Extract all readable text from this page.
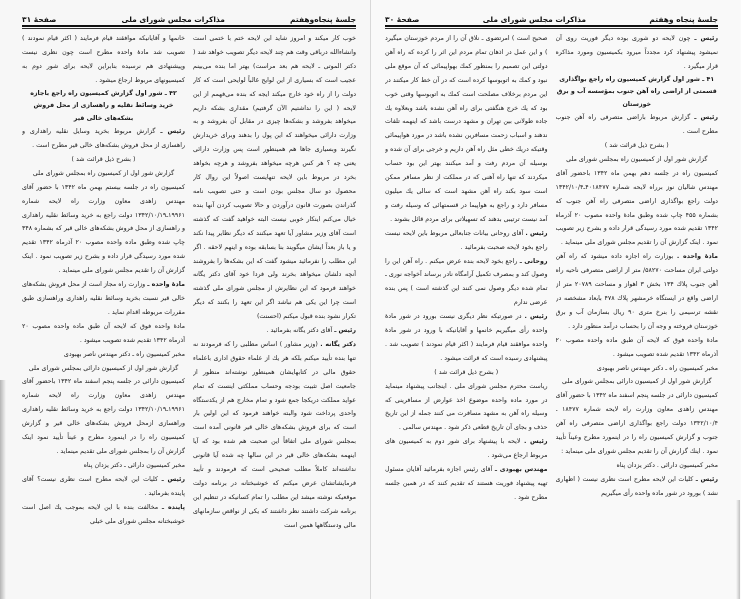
جلسهٔ پنجاه‌وهفتم
مذاکرات مجلس شورای ملی
صفحهٔ ۳۱

خانمها و آقایانیکه موافقند قیام فرمایند ( اکثر قیام نمودند ) تصویب شد مادهٔ واحده مطرح است چون نظری نیست وپیشنهادی هم نرسیده بنابراین لایحه برای شور دوم به کمیسیونهای مربوط ارجاع میشود .

۴۲ ـ شور اول گزارش کمیسیون راه راجع باجازه خرید وسائط نقلیه و راهسازی از محل فروش بشکه‌های خالی قیر

رئیس ـ گزارش مربوط بخرید وسایل نقلیه راهداری و راهسازی از محل فروش بشکه‌های خالی قیر مطرح است .

( بشرح ذیل قرائت شد )

گزارش شور اول از کمیسیون راه بمجلس شورای ملی

کمیسیون راه در جلسه بیستم بهمن ماه ۱۳۴۲ با حضور آقای مهندس زاهدی معاون وزارت راه لایحه شماره ۱۹۹۶۱ـ۱۳۴۲/۱۰/۱۹ دولت راجع به خرید وسائط نقلیه راهداری و راهسازی از محل فروش بشکه‌های خالی قیر که بشماره ۳۴۸ چاپ شده وطبق ماده واحده مصوب ۲۰ آذرماه ۱۳۴۲ تقدیم شده مورد رسیدگی قرار داده و بشرح زیر تصویب نمود . اینک گزارش آن را تقدیم مجلس شورای ملی مینماید .

مادهٔ واحده ـ وزارت راه مجاز است از محل فروش بشکه‌های خالی قیر نسبت بخرید وسائط نقلیه راهداری وراهسازی طبق مقررات مربوطه اقدام نماید .

مادهٔ واحده فوق که لایحه آن طبق ماده واحده مصوب ۲۰ آذرماه ۱۳۴۲ تقدیم شده تصویب میشود .

مخبر کمیسیون راه ـ دکتر مهندس ناصر بهبودی

گزارش شور اول از کمیسیون دارائی بمجلس شورای ملی

کمیسیون دارائی در جلسه پنجم اسفند ماه ۱۳۴۲ باحضور آقای مهندس زاهدی معاون وزارت راه لایحه شماره ۱۹۹۶۱ـ۱۳۴۲/۱۰/۱۹ دولت راجع به خرید وسائط نقلیه راهداری وراهسازی ازمحل فروش بشکه‌های خالی قیر و گزارش کمیسیون راه را در اینمورد مطرح و عیناً تأیید نمود اینک گزارش آن را بمجلس شورای ملی تقدیم مینماید .

مخبر کمیسیون دارائی ـ دکتر یزدان پناه

رئیس ـ کلیات این لایحه مطرح است نظری نیست؟ آقای پاینده بفرمائید .

پاینده ـ مخالفت بنده با این لایحه بموجب یك اصل است خوشبختانه مجلس شورای ملی خیلی

خوب کار میکند و امروز شاید این لایحه ختم با ختمی است وانشاءالله درباقی وقت هم چند لایحه دیگر تصویب خواهد شد ( دکتر الموتی ـ لایحه هم بعد مراست) بهتر اما بنده می‌بینم عجیب است که بسیاری از این لوایح غالباً لوایحی است که کار دولت را از راه خود خارج میکند ایجه که بنده می‌فهمم از این لایحه ( این را نداشتیم الآن گرفتیم) مقداری بشکه داریم میخواهد بفروشد و بشکه‌ها چیزی در مقابل آن بفروشد و به وزارت دارائی میخواهند که این پول را بدهند وبرای خریدارش نگیرند وبسیاری جاها هم همینطور است پس وزارت دارائی یعنی چه ؟ هر کس هرچه میخواهد بفروشد و هرچه بخواهد بخرد در مربوط باین لایحه تنهایست اصولاً این روال کار محصول دو سال مجلس بودن است و حتی تصویب نامه گذراندن بصورت قانون درآوردن و حالا تصویب کردن آنها بنده خیال می‌کنم اینکار خوبی نیست البته خواهید گفت که گذشته است آقای وزیر مشاور آیا تعهد میکنند که دیگر نظایر پیدا نکند و یا باز بعداً ایشان میگویند بنا بسابقه بوده و اینهم لاحقه . اگر این مطلب را نفرمائید میشود گفت که این بشکه‌ها را بفروشند آنچه دلشان میخواهد بخرند ولی فردا خود آقای دکتر یگانه خواهند فرمود که این نظایرش از مجلس شورای ملی گذشته است چرا این یکی هم نباشد اگر این تعهد را بکنند که دیگر تکرار نشود بنده قبول میکنم (احسنت)

رئیس ـ آقای دکتر یگانه بفرمائید .

دکتر یگانه . (وزیر مشاور ) اساس مطلبی را که فرمودند نه تنها بنده تأیید میکنم بلکه هر یك از علماء حقوق اداری باعلماء حقوق مالی در کتابهایشان همینطور نوشته‌اند منظور از جامعیت اصل تثبیت بودجه وحساب مملکتی اینست که تمام عواید مملکت دریکجا جمع شود و تمام مخارج هم از یکدستگاه واحدی پرداخت شود والبته خواهند فرمود که این اولین بار است که برای فروش بشکه‌های خالی قیر قانونی آمده است بمجلس شورای ملی اتفاقاً این صحبت هم شده بود که آیا اینهمه بشکه‌های خالی قیر در این سالها چه شده آیا قانونی نداشته‌اند کاملاً مطلب صحیحی است که فرمودند و تأیید فرمایشاتشان عرض میکنم که خوشبختانه در برنامه دولت موقعیکه نوشته میشد این مطلب را تمام کسانیکه در تنظیم این برنامه شرکت داشتند نظر داشتند که یکی از نواقص سازمانهای مالی ودستگاهها همین است

جلسهٔ پنجاه وهفتم
مذاکرات مجلس شورای ملی
صفحهٔ ۳۰

صحیح است ) امرتضوی ـ نلاق آن را از مردم خوزستان میگیرد ) و این عمل در اذهان تمام مردم این اثر را کرده که راه آهن دولتی این تصمیم را بمنظور کمك بهواپیمائی که آن موقع ملی نبود و کمك به اتوبوسها کرده است که در آن خط کار میکنند در این مردم برخلاف مصلحت است کمك به اتوبوسها وقتی خوب بود که یك خرج هنگفتی برای راه آهن نشده باشد وبعلاوه یك جاده طولانی بین تهران و مشهد درست باشد که اینهمه تلفات ندهند و اسباب زحمت مسافرین نشده باشد در مورد هواپیمائی وقتیکه دریك خطی مثل راه آهن داریم و خرجی برای آن شده و بوسیله آن مردم رفت و آمد میکنند بهتر این بود حساب میکردند که تنها راه آهنی که در مملکت از نظر مسافر ممکن است سود بکند راه آهن مشهد است که سالی یك میلیون مسافر دارد و راجع به هواپیما در قسمتهائی که وسیله رفت و آمد نیست ترتیبی بدهند که تسهیلاتی برای مردم قائل بشوند .

رئیس . آقای روحانی بیانات جنابعالی مربوط باین لایحه نیست راجع بخود لایحه صحبت بفرمائید .

روحانی ـ راجع بخود لایحه بنده عرض میکنم . راه آهن این را وصول کند و بمصرف تکمیل آرامگاه نادر برساند آخواجه نوری ـ تمام شده دیگر وصول نمی کنند این گذشته است ) پس بنده عرضی ندارم

رئیس . در صورتیکه نظر دیگری نیست بورود در شور مادهٔ واحده رأی میگیریم خانمها و آقایانیکه با ورود در شور مادهٔ واحده موافقند قیام فرمایند ( اکثر قیام نمودند ) تصویب شد . پیشنهادی رسیده است که قرائت میشود .

( بشرح ذیل قرائت شد )

ریاست محترم مجلس شورای ملی . اینجانب پیشنهاد مینماید در مورد ماده واحده موضوع اخذ عوارض از مسافرینی که وسیله راه آهن به مشهد مسافرت می کنند جمله از این تاریخ حذف و بجای آن تاریخ قطعی ذکر شود . مهندس سالمی .

رئیس . لایحه با پیشنهاد برای شور دوم به کمیسیون های مربوط ارجاع می‌شود .

مهندس بهبودی ـ آقای رئیس اجازه بفرمائید آقایان مسئول تهیه پیشنهاد فوریت هستند که تقدیم کنند که در همین جلسه مطرح شود .

رئیس ـ چون لایحه دو شوری بوده دیگر فوریت روی آن نمیشود پیشنهاد کرد مجدداً میرود بکمیسیون ومورد مذاکره قرار میگیرد .

۴۱ ـ شور اول گزارش کمیسیون راه راجع بواگذاری قسمتی از اراضی راه آهن جنوب بمؤسسه آب و برق خوزستان

رئیس ـ گزارش مربوط باراضی متصرفی راه آهن جنوب مطرح است .

( بشرح ذیل قرائت شد )

گزارش شور اول از کمیسیون راه بمجلس شورای ملی

کمیسیون راه در جلسه دهم بهمن ماه ۱۳۴۲ باحضور آقای مهندس شالیان نوز برراه لایحه شماره ۴۰۱۸۴۷۷ـ۱۳۴۲/۱۰/۴ دولت راجع بواگذاری اراضی متصرفی راه آهن جنوب که بشماره ۴۵۵ چاپ شده وطبق مادهٔ واحده مصوب ۲۰ آذرماه ۱۳۴۲ تقدیم شده مورد رسیدگی قرار داده و بشرح زیر تصویب نمود . اینک گزارش آن را تقدیم مجلس شورای ملی مینماید .

مادهٔ واحده . بوزارت راه اجازه داده میشود که راه آهن دولتی ایران مساحت ۵۸۲۷۰/ متر از اراضی متصرفی ناحیه راه آهن جنوب پلاك ۱۳۴ بخش ۳ اهواز و مساحت ۲۰۷۸۹ متر از اراضی واقع در ایستگاه خرمشهر پلاك ۴۷۸ بابعاد مشخصه در نقشه ترسیمی را بنرخ متری ۹۰ ریال بسازمان آب و برق خوزستان فروخته و وجه آن را بحساب درآمد منظور دارد .

مادهٔ واحده فوق که لایحه آن طبق ماده واحده مصوب ۲۰ آذرماه ۱۳۴۲ تقدیم شده تصویب میشود .

مخبر کمیسیون راه ـ دکتر مهندس ناصر بهبودی

گزارش شور اول از کمیسیون دارائی بمجلس شورای ملی

کمیسیون دارائی در جلسه پنجم اسفند ماه ۱۳۴۲ با حضور آقای مهندس زاهدی معاون وزارت راه لایحه شماره ۱۸۴۷۷ ـ ۱۳۴۲/۱۰/۴ دولت راجع بواگذاری اراضی متصرفی راه آهن جنوب و گزارش کمیسیون راه را در اینمورد مطرح وعیناً تأیید نمود . اینك گزارش آن را تقدیم مجلس شورای ملی مینماید :

مخبر کمیسیون دارائی . دکتر یزدان پناه

رئیس ـ کلیات این لایحه مطرح است نظری نیست ( اظهاری نشد ) بورود در شور ماده واحده رأی میگیریم
